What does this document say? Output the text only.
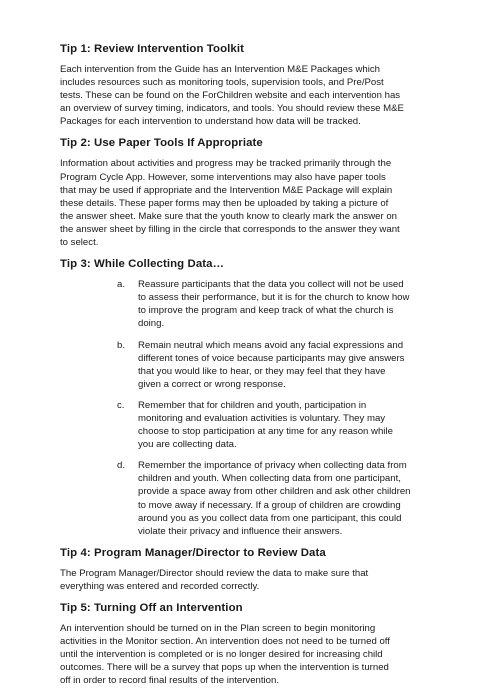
Tip 1: Review Intervention Toolkit

Each intervention from the Guide has an Intervention M&E Packages which
includes resources such as monitoring tools, supervision tools, and Pre/Post
tests. These can be found on the ForChildren website and each intervention has
an overview of survey timing, indicators, and tools. You should review these M&E
Packages for each intervention to understand how data will be tracked.

Tip 2: Use Paper Tools If Appropriate

Information about activities and progress may be tracked primarily through the
Program Cycle App. However, some interventions may also have paper tools
that may be used if appropriate and the Intervention M&E Package will explain
these details. These paper forms may then be uploaded by taking a picture of
the answer sheet. Make sure that the youth know to clearly mark the answer on
the answer sheet by filling in the circle that corresponds to the answer they want
to select.

Tip 3: While Collecting Data…
a.	Reassure participants that the data you collect will not be used
to assess their performance, but it is for the church to know how
to improve the program and keep track of what the church is
doing.
b.	Remain neutral which means avoid any facial expressions and
different tones of voice because participants may give answers
that you would like to hear, or they may feel that they have
given a correct or wrong response.
c.	Remember that for children and youth, participation in
monitoring and evaluation activities is voluntary. They may
choose to stop participation at any time for any reason while
you are collecting data.
d.	Remember the importance of privacy when collecting data from
children and youth. When collecting data from one participant,
provide a space away from other children and ask other children
to move away if necessary. If a group of children are crowding
around you as you collect data from one participant, this could
violate their privacy and influence their answers.
Tip 4: Program Manager/Director to Review Data

The Program Manager/Director should review the data to make sure that
everything was entered and recorded correctly.

Tip 5: Turning Off an Intervention

An intervention should be turned on in the Plan screen to begin monitoring
activities in the Monitor section. An intervention does not need to be turned off
until the intervention is completed or is no longer desired for increasing child
outcomes. There will be a survey that pops up when the intervention is turned
off in order to record final results of the intervention.
